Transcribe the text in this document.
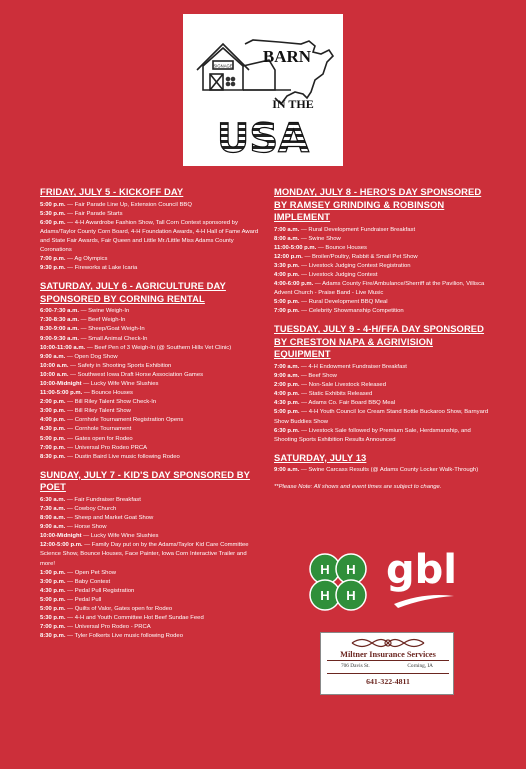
SIGNAGE BARN
IN THE
USA
FRIDAY, JULY 5 - KICKOFF DAY
5:00 p.m. — Fair Parade Line Up, Extension Council BBQ
5:30 p.m. — Fair Parade Starts
6:00 p.m. — 4-H Awardrobe Fashion Show, Tall Corn Contest sponsored by Adams/Taylor County Corn Board, 4-H Foundation Awards, 4-H Hall of Fame Award and State Fair Awards, Fair Queen and Little Mr./Little Miss Adams County Coronations
7:00 p.m. — Ag Olympics
9:30 p.m. — Fireworks at Lake Icaria
SATURDAY, JULY 6 - AGRICULTURE DAY SPONSORED BY CORNING RENTAL
6:00-7:30 a.m. — Swine Weigh-In
7:30-8:30 a.m. — Beef Weigh-In
8:30-9:00 a.m. — Sheep/Goat Weigh-In
9:00-9:30 a.m. — Small Animal Check-In
10:00-11:00 a.m. — Beef Pen of 3 Weigh-In (@ Southern Hills Vet Clinic)
9:00 a.m. — Open Dog Show
10:00 a.m. — Safety in Shooting Sports Exhibition
10:00 a.m. — Southwest Iowa Draft Horse Association Games
10:00-Midnight — Lucky Wife Wine Slushies
11:00-5:00 p.m. — Bounce Houses
2:00 p.m. — Bill Riley Talent Show Check-In
3:00 p.m. — Bill Riley Talent Show
4:00 p.m. — Cornhole Tournament Registration Opens
4:30 p.m. — Cornhole Tournament
5:00 p.m. — Gates open for Rodeo
7:00 p.m. — Universal Pro Rodeo PRCA
8:30 p.m. — Dustin Baird Live music following Rodeo
SUNDAY, JULY 7 - KID'S DAY SPONSORED BY POET
6:30 a.m. — Fair Fundraiser Breakfast
7:30 a.m. — Cowboy Church
8:00 a.m. — Sheep and Market Goat Show
9:00 a.m. — Horse Show
10:00-Midnight — Lucky Wife Wine Slushies
12:00-5:00 p.m. — Family Day put on by the Adams/Taylor Kid Care Committee Science Show, Bounce Houses, Face Painter, Iowa Corn Interactive Trailer and more!
1:00 p.m. — Open Pet Show
3:00 p.m. — Baby Contest
4:30 p.m. — Pedal Pull Registration
5:00 p.m. — Pedal Pull
5:00 p.m. — Quilts of Valor, Gates open for Rodeo
5:30 p.m. — 4-H and Youth Committee Hot Beef Sundae Feed
7:00 p.m. — Universal Pro Rodeo - PRCA
8:30 p.m. — Tyler Folkerts Live music following Rodeo
MONDAY, JULY 8 - HERO'S DAY SPONSORED BY RAMSEY GRINDING & ROBINSON IMPLEMENT
7:00 a.m. — Rural Development Fundraiser Breakfast
8:00 a.m. — Swine Show
11:00-5:00 p.m. — Bounce Houses
12:00 p.m. — Broiler/Poultry, Rabbit & Small Pet Show
3:30 p.m. — Livestock Judging Contest Registration
4:00 p.m. — Livestock Judging Contest
4:00-6:00 p.m. — Adams County Fire/Ambulance/Sherriff at the Pavilion, Villisca Advent Church - Praise Band - Live Music
5:00 p.m. — Rural Development BBQ Meal
7:00 p.m. — Celebrity Showmanship Competition
TUESDAY, JULY 9 - 4-H/FFA DAY SPONSORED BY CRESTON NAPA & AGRIVISION EQUIPMENT
7:00 a.m. — 4-H Endowment Fundraiser Breakfast
9:00 a.m. — Beef Show
2:00 p.m. — Non-Sale Livestock Released
4:00 p.m. — Static Exhibits Released
4:30 p.m. — Adams Co. Fair Board BBQ Meal
5:00 p.m. — 4-H Youth Council Ice Cream Stand Bottle Buckaroo Show, Barnyard Show Buddies Show
6:30 p.m. — Livestock Sale followed by Premium Sale, Herdsmanship, and Shooting Sports Exhibition Results Announced
SATURDAY, JULY 13
9:00 a.m. — Swine Carcass Results (@ Adams County Locker Walk-Through)
**Please Note: All shows and event times are subject to change.
H H
H H
gbl
Miltner Insurance Services
706 Davis St.	Corning, IA
641-322-4811
